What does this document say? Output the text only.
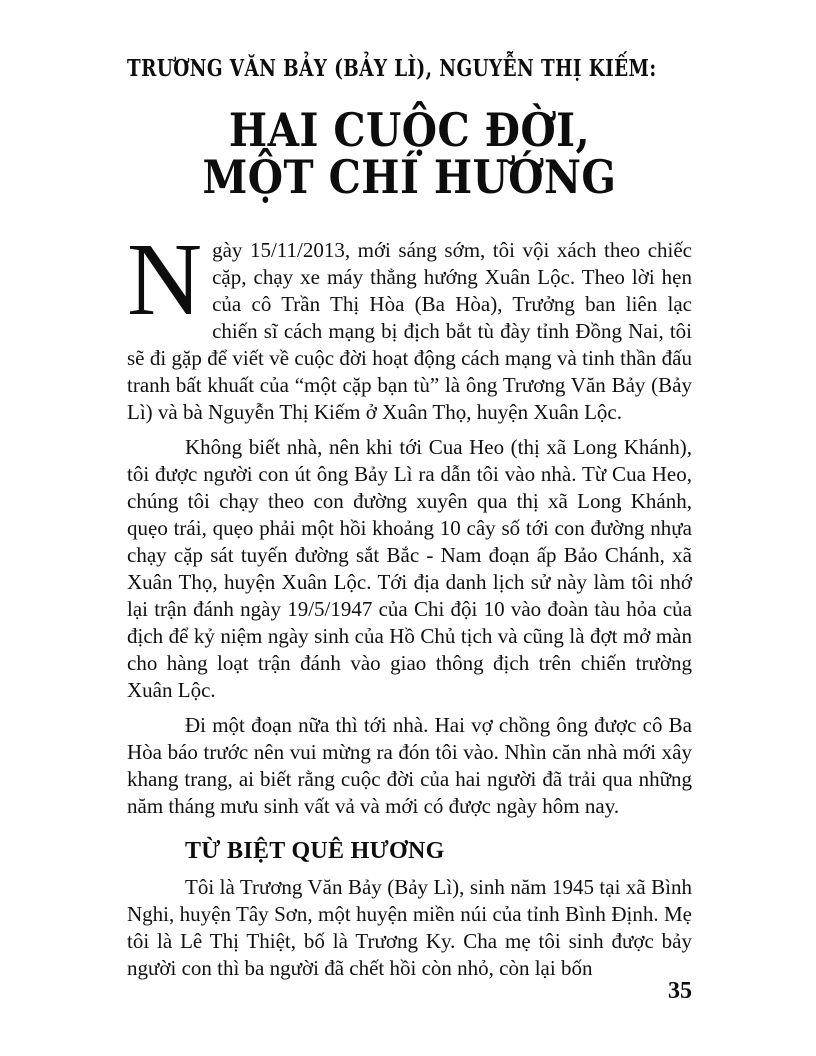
TRƯƠNG VĂN BẢY (BẢY LÌ), NGUYỄN THỊ KIẾM:
HAI CUỘC ĐỜI,
MỘT CHÍ HƯỚNG

Ngày 15/11/2013, mới sáng sớm, tôi vội xách theo chiếc cặp, chạy xe máy thẳng hướng Xuân Lộc. Theo lời hẹn của cô Trần Thị Hòa (Ba Hòa), Trưởng ban liên lạc chiến sĩ cách mạng bị địch bắt tù đày tỉnh Đồng Nai, tôi sẽ đi gặp để viết về cuộc đời hoạt động cách mạng và tinh thần đấu tranh bất khuất của “một cặp bạn tù” là ông Trương Văn Bảy (Bảy Lì) và bà Nguyễn Thị Kiếm ở Xuân Thọ, huyện Xuân Lộc.

Không biết nhà, nên khi tới Cua Heo (thị xã Long Khánh), tôi được người con út ông Bảy Lì ra dẫn tôi vào nhà. Từ Cua Heo, chúng tôi chạy theo con đường xuyên qua thị xã Long Khánh, quẹo trái, quẹo phải một hồi khoảng 10 cây số tới con đường nhựa chạy cặp sát tuyến đường sắt Bắc - Nam đoạn ấp Bảo Chánh, xã Xuân Thọ, huyện Xuân Lộc. Tới địa danh lịch sử này làm tôi nhớ lại trận đánh ngày 19/5/1947 của Chi đội 10 vào đoàn tàu hỏa của địch để kỷ niệm ngày sinh của Hồ Chủ tịch và cũng là đợt mở màn cho hàng loạt trận đánh vào giao thông địch trên chiến trường Xuân Lộc.

Đi một đoạn nữa thì tới nhà. Hai vợ chồng ông được cô Ba Hòa báo trước nên vui mừng ra đón tôi vào. Nhìn căn nhà mới xây khang trang, ai biết rằng cuộc đời của hai người đã trải qua những năm tháng mưu sinh vất vả và mới có được ngày hôm nay.

TỪ BIỆT QUÊ HƯƠNG

Tôi là Trương Văn Bảy (Bảy Lì), sinh năm 1945 tại xã Bình Nghi, huyện Tây Sơn, một huyện miền núi của tỉnh Bình Định. Mẹ tôi là Lê Thị Thiệt, bố là Trương Ky. Cha mẹ tôi sinh được bảy người con thì ba người đã chết hồi còn nhỏ, còn lại bốn

35
